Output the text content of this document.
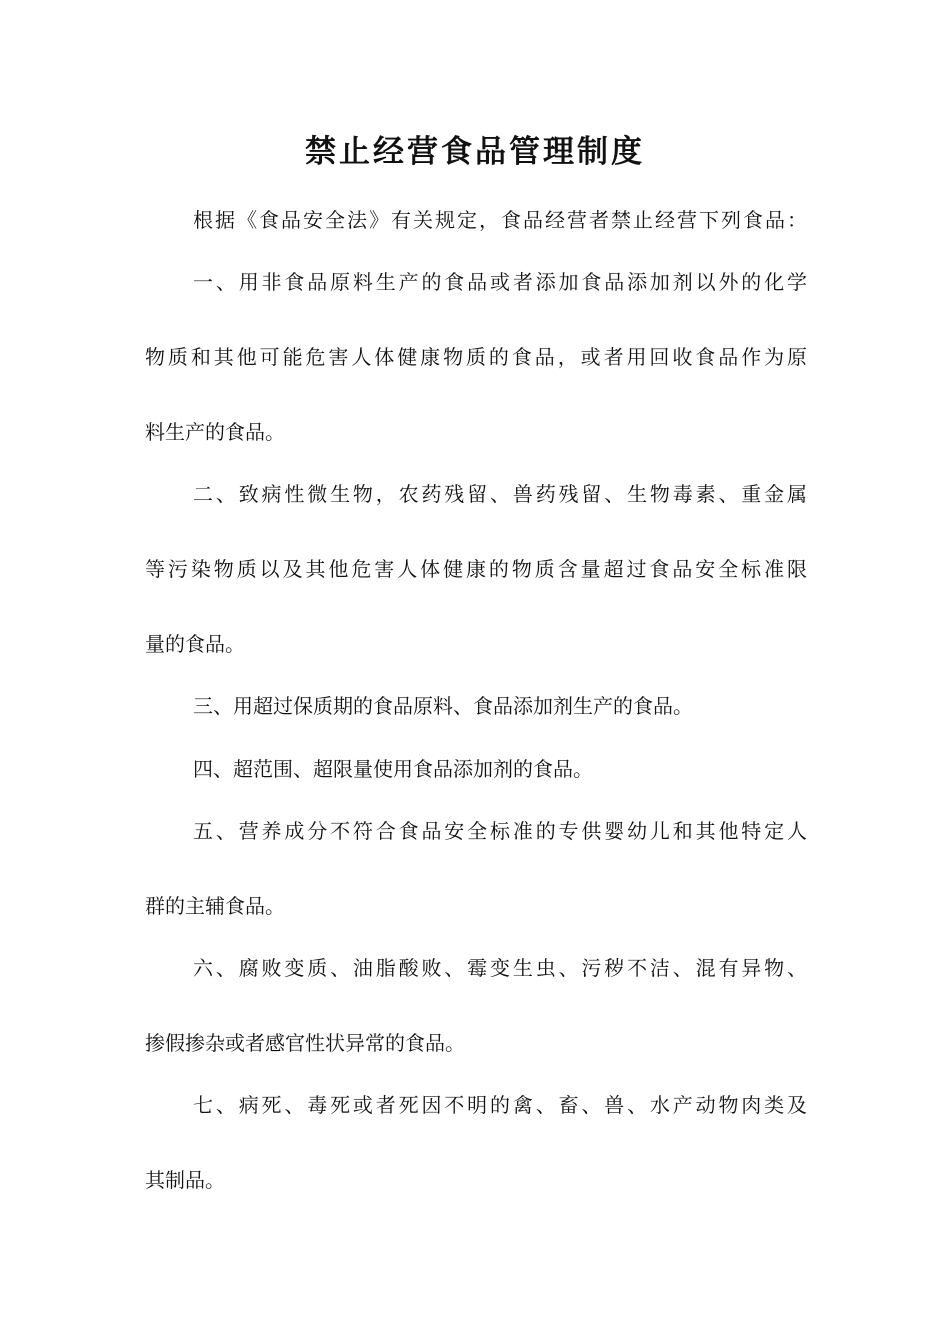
禁止经营食品管理制度

根据《食品安全法》有关规定，食品经营者禁止经营下列食品：

一、用非食品原料生产的食品或者添加食品添加剂以外的化学

物质和其他可能危害人体健康物质的食品，或者用回收食品作为原

料生产的食品。

二、致病性微生物，农药残留、兽药残留、生物毒素、重金属

等污染物质以及其他危害人体健康的物质含量超过食品安全标准限

量的食品。

三、用超过保质期的食品原料、食品添加剂生产的食品。

四、超范围、超限量使用食品添加剂的食品。

五、营养成分不符合食品安全标准的专供婴幼儿和其他特定人

群的主辅食品。

六、腐败变质、油脂酸败、霉变生虫、污秽不洁、混有异物、

掺假掺杂或者感官性状异常的食品。

七、病死、毒死或者死因不明的禽、畜、兽、水产动物肉类及

其制品。
